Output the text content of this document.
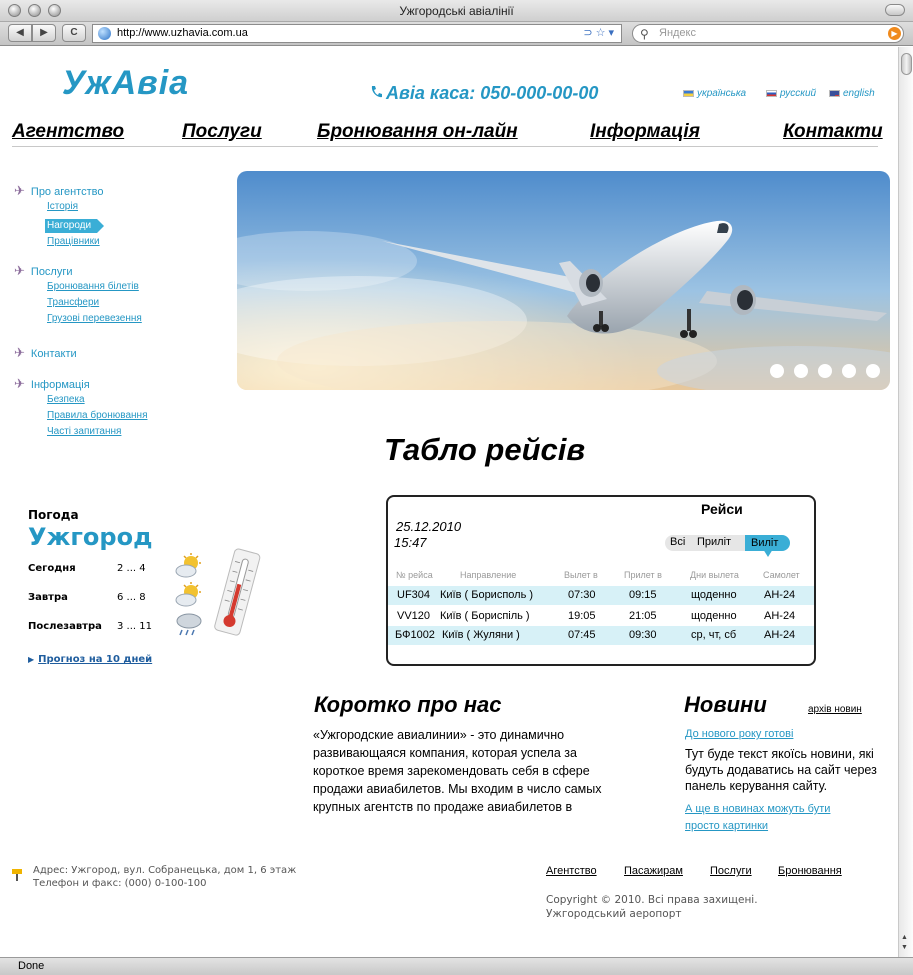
Ужгородські авіалінії
◀	▶	C	http://www.uzhavia.com.ua	⊃☆▾ ⚲ Яндекс	▶
▲
▼
УжАвіа	Авіа каса: 050-000-00-00	українська	русский	english
Агентство	Послуги	Бронювання он-лайн	Інформація	Контакти
✈ Про агентство
Історія
Нагороди
Працівники
✈ Послуги
Бронювання білетів
Трансфери
Грузові перевезення
✈ Контакти
✈ Інформація
Безпека
Правила бронювання
Часті запитання
Табло рейсів
Погода
Ужгород
Сегодня	2 ... 4
Завтра	6 ... 8
Послезавтра 3 ... 11
▶ Прогноз на 10 дней
Рейси
25.12.2010
15:47	Всі Приліт	Виліт
№ рейса	Направление	Вылет в	Прилет в	Дни вылета	Самолет
UF304 Київ ( Борисполь )	07:30	09:15	щоденно АН-24
VV120 Київ ( Бориспіль )	19:05	21:05	щоденно АН-24
БФ1002 Київ ( Жуляни )	07:45	09:30	ср, чт, сб	АН-24
Коротко про нас
«Ужгородские авиалинии» - это динамично развивающаяся компания, которая успела за короткое время зарекомендовать себя в сфере продажи авиабилетов. Мы входим в число самых крупных агентств по продаже авиабилетов в
Новини	архів новин
До нового року готові
Тут буде текст якоїсь новини, які будуть додаватись на сайт через панель керування сайту.
А ще в новинах можуть бути просто картинки
Адрес: Ужгород, вул. Собранецька, дом 1, 6 этаж
Телефон и факс: (000) 0-100-100
Агентство Пасажирам Послуги Бронювання
Copyright © 2010. Всі права захищені.
Ужгородський аеропорт
Done
